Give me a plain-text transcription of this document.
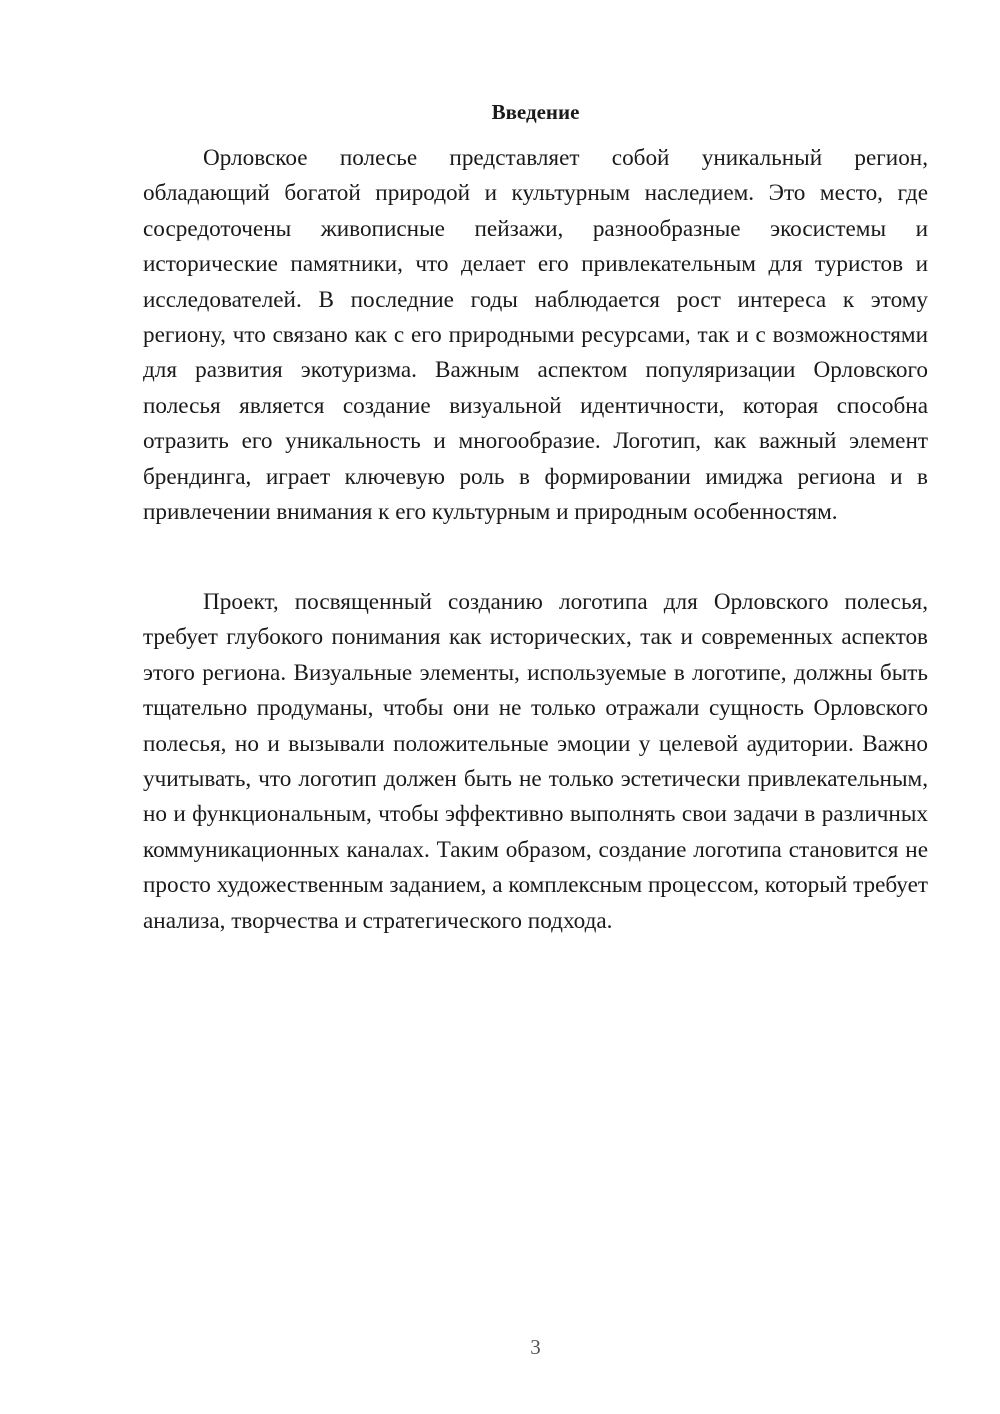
Введение

Орловское полесье представляет собой уникальный регион, обладающий богатой природой и культурным наследием. Это место, где сосредоточены живописные пейзажи, разнообразные экосистемы и исторические памятники, что делает его привлекательным для туристов и исследователей. В последние годы наблюдается рост интереса к этому региону, что связано как с его природными ресурсами, так и с возможностями для развития экотуризма. Важным аспектом популяризации Орловского полесья является создание визуальной идентичности, которая способна отразить его уникальность и многообразие. Логотип, как важный элемент брендинга, играет ключевую роль в формировании имиджа региона и в привлечении внимания к его культурным и природным особенностям.

Проект, посвященный созданию логотипа для Орловского полесья, требует глубокого понимания как исторических, так и современных аспектов этого региона. Визуальные элементы, используемые в логотипе, должны быть тщательно продуманы, чтобы они не только отражали сущность Орловского полесья, но и вызывали положительные эмоции у целевой аудитории. Важно учитывать, что логотип должен быть не только эстетически привлекательным, но и функциональным, чтобы эффективно выполнять свои задачи в различных коммуникационных каналах. Таким образом, создание логотипа становится не просто художественным заданием, а комплексным процессом, который требует анализа, творчества и стратегического подхода.

3
